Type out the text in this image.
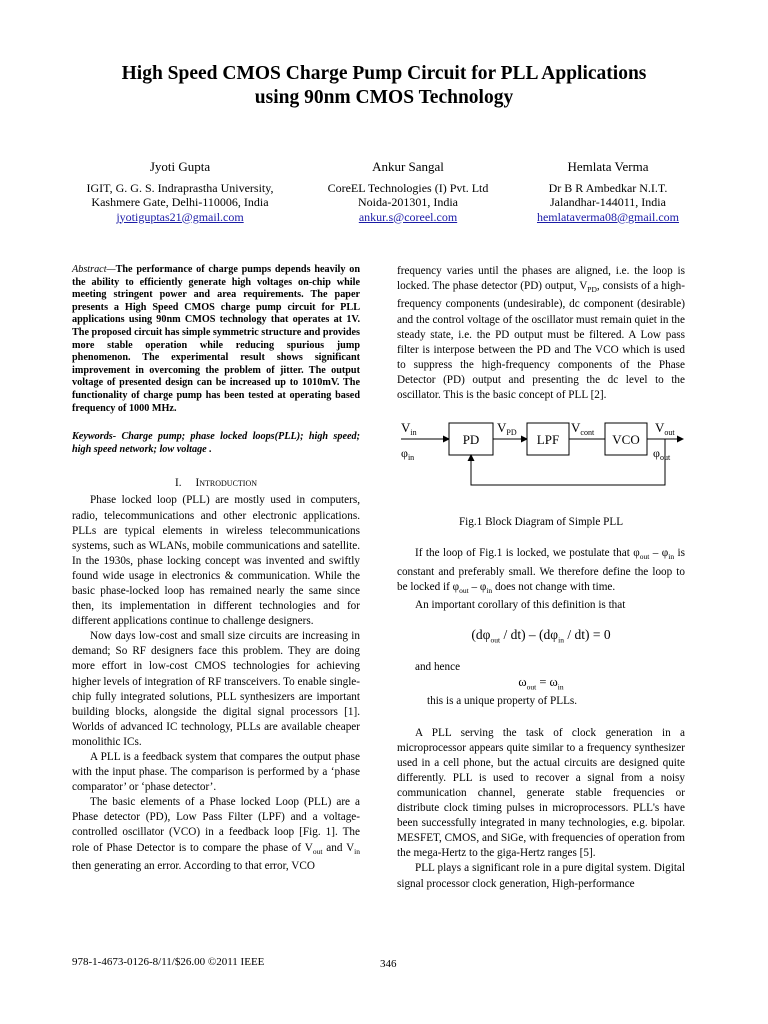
High Speed CMOS Charge Pump Circuit for PLL Applications
using 90nm CMOS Technology
Jyoti Gupta
IGIT, G. G. S. Indraprastha University,
Kashmere Gate, Delhi-110006, India
jyotiguptas21@gmail.com
Ankur Sangal
CoreEL Technologies (I) Pvt. Ltd
Noida-201301, India
ankur.s@coreel.com
Hemlata Verma
Dr B R Ambedkar N.I.T.
Jalandhar-144011, India
hemlataverma08@gmail.com
Abstract—The performance of charge pumps depends heavily on the ability to efficiently generate high voltages on-chip while meeting stringent power and area requirements. The paper presents a High Speed CMOS charge pump circuit for PLL applications using 90nm CMOS technology that operates at 1V. The proposed circuit has simple symmetric structure and provides more stable operation while reducing spurious jump phenomenon. The experimental result shows significant improvement in overcoming the problem of jitter. The output voltage of presented design can be increased up to 1010mV. The functionality of charge pump has been tested at operating based frequency of 1000 MHz.
Keywords- Charge pump; phase locked loops(PLL); high speed; high speed network; low voltage .
I. Introduction

Phase locked loop (PLL) are mostly used in computers, radio, telecommunications and other electronic applications. PLLs are typical elements in wireless telecommunications systems, such as WLANs, mobile communications and satellite. In the 1930s, phase locking concept was invented and swiftly found wide usage in electronics & communication. While the basic phase-locked loop has remained nearly the same since then, its implementation in different technologies and for different applications continue to challenge designers.

Now days low-cost and small size circuits are increasing in demand; So RF designers face this problem. They are doing more effort in low-cost CMOS technologies for achieving higher levels of integration of RF transceivers. To enable single-chip fully integrated solutions, PLL synthesizers are important building blocks, alongside the digital signal processors [1]. Worlds of advanced IC technology, PLLs are available cheaper monolithic ICs.

A PLL is a feedback system that compares the output phase with the input phase. The comparison is performed by a ‘phase comparator’ or ‘phase detector’.

The basic elements of a Phase locked Loop (PLL) are a Phase detector (PD), Low Pass Filter (LPF) and a voltage-controlled oscillator (VCO) in a feedback loop [Fig. 1]. The role of Phase Detector is to compare the phase of $V_{out}$ and $V_{in}$ then generating an error. According to that error, VCO

frequency varies until the phases are aligned, i.e. the loop is locked. The phase detector (PD) output, $V_{PD}$, consists of a high-frequency components (undesirable), dc component (desirable) and the control voltage of the oscillator must remain quiet in the steady state, i.e. the PD output must be filtered. A Low pass filter is interpose between the PD and The VCO which is used to suppress the high-frequency components of the Phase Detector (PD) output and presenting the dc level to the oscillator. This is the basic concept of PLL [2].

$V_{in}$
$\varphi_{in}$
PD
$V_{PD}$ LPF
$V_{cont}$ VCO
$V_{out}$
$\varphi_{out}$
Fig.1 Block Diagram of Simple PLL

If the loop of Fig.1 is locked, we postulate that $\varphi_{out} - \varphi_{in}$ is constant and preferably small. We therefore define the loop to be locked if $\varphi_{out} - \varphi_{in}$ does not change with time.

An important corollary of this definition is that

$(d\varphi_{out} / dt) - (d\varphi_{in} / dt) = 0$
and hence
$\omega_{out} = \omega_{in}$
this is a unique property of PLLs.

A PLL serving the task of clock generation in a microprocessor appears quite similar to a frequency synthesizer used in a cell phone, but the actual circuits are designed quite differently. PLL is used to recover a signal from a noisy communication channel, generate stable frequencies or distribute clock timing pulses in microprocessors. PLL's have been successfully integrated in many technologies, e.g. bipolar. MESFET, CMOS, and SiGe, with frequencies of operation from the mega-Hertz to the giga-Hertz ranges [5].

PLL plays a significant role in a pure digital system. Digital signal processor clock generation, High-performance

978-1-4673-0126-8/11/$26.00 ©2011 IEEE	346
